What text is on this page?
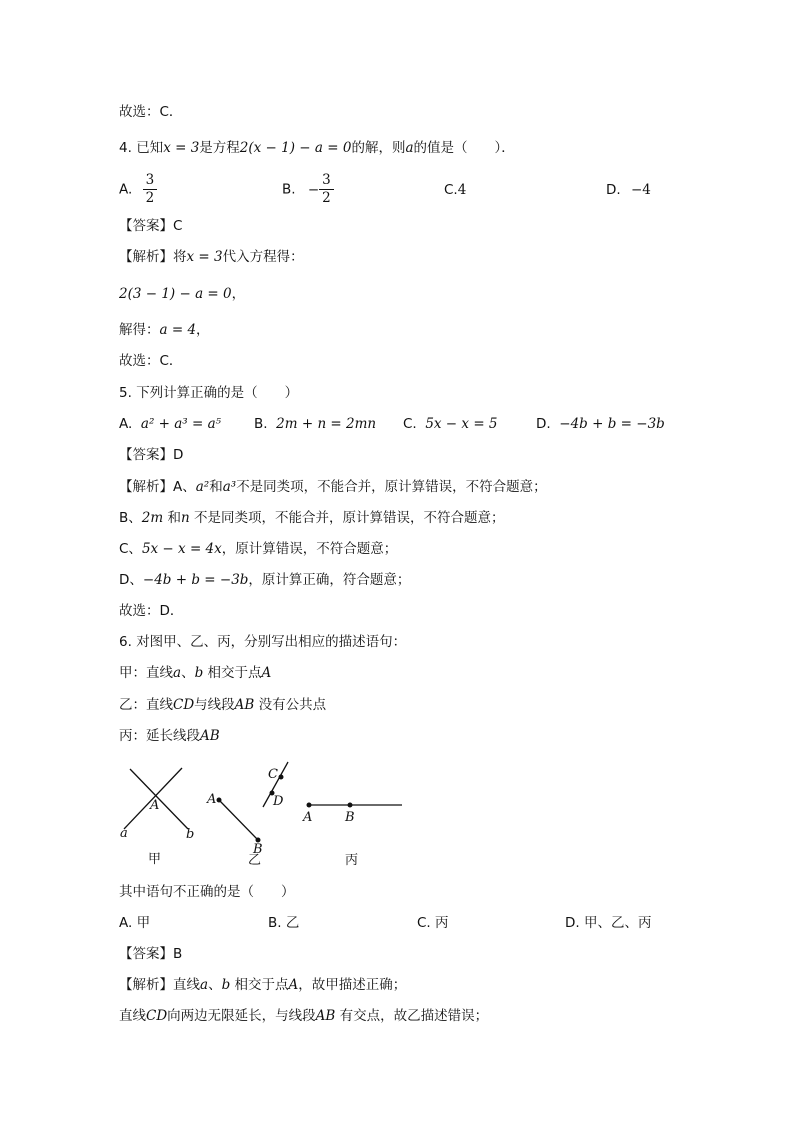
故选：C．
4. 已知x = 3是方程2(x − 1) − a = 0的解，则a的值是（　　）．
A. $\frac{3}{2}$	B. − $\frac{3}{2}$	C.4	D. −4
【答案】C
【解析】将x = 3代入方程得：
2(3 − 1) − a = 0，
解得：a = 4，
故选：C．
5. 下列计算正确的是（　　）
A. a² + a³ = a⁵ B. 2m + n = 2mn C. 5x − x = 5	D. −4b + b = −3b
【答案】D
【解析】A、a²和a³不是同类项，不能合并，原计算错误，不符合题意；
B、2m 和n 不是同类项，不能合并，原计算错误，不符合题意；
C、5x − x = 4x，原计算错误，不符合题意；
D、−4b + b = −3b，原计算正确，符合题意；
故选：D．
6. 对图甲、乙、丙，分别写出相应的描述语句：
甲：直线a、b 相交于点A
乙：直线CD与线段AB 没有公共点
丙：延长线段AB
A
a	b
甲
A
B
C
D
乙
A	B
丙
其中语句不正确的是（　　）
A. 甲	B. 乙	C. 丙	D. 甲、乙、丙
【答案】B
【解析】直线a、b 相交于点A，故甲描述正确；
直线CD向两边无限延长，与线段AB 有交点，故乙描述错误；
